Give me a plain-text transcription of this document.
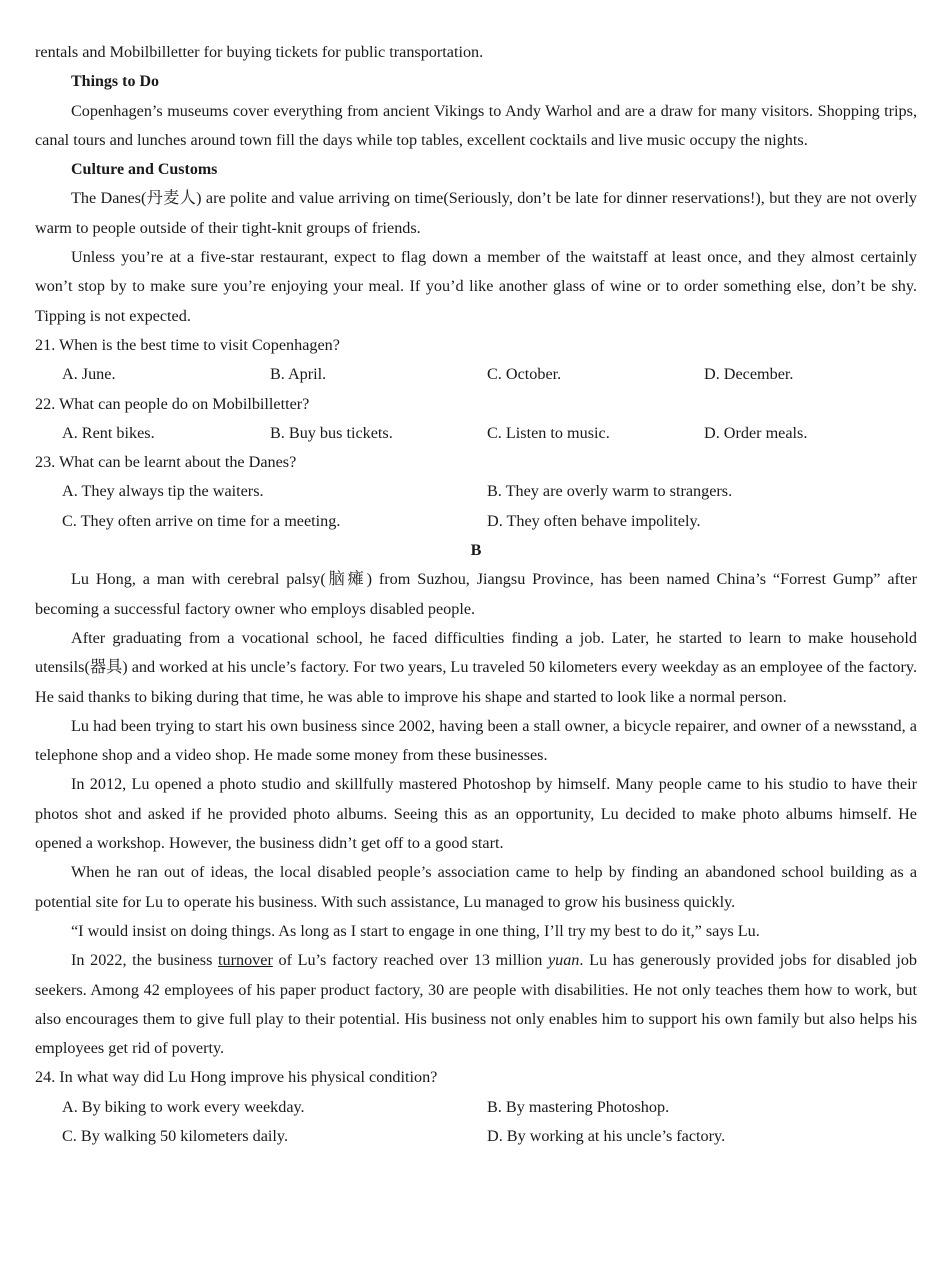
rentals and Mobilbilletter for buying tickets for public transportation.

Things to Do

Copenhagen’s museums cover everything from ancient Vikings to Andy Warhol and are a draw for many visitors. Shopping trips, canal tours and lunches around town fill the days while top tables, excellent cocktails and live music occupy the nights.

Culture and Customs

The Danes(丹麦人) are polite and value arriving on time(Seriously, don’t be late for dinner reservations!), but they are not overly warm to people outside of their tight-knit groups of friends.

Unless you’re at a five-star restaurant, expect to flag down a member of the waitstaff at least once, and they almost certainly won’t stop by to make sure you’re enjoying your meal. If you’d like another glass of wine or to order something else, don’t be shy. Tipping is not expected.

21. When is the best time to visit Copenhagen?

A. June.	B. April.	C. October.	D. December.

22. What can people do on Mobilbilletter?

A. Rent bikes.	B. Buy bus tickets.	C. Listen to music.	D. Order meals.

23. What can be learnt about the Danes?

A. They always tip the waiters.	B. They are overly warm to strangers.

C. They often arrive on time for a meeting.	D. They often behave impolitely.

B

Lu Hong, a man with cerebral palsy(脑瘫) from Suzhou, Jiangsu Province, has been named China’s “Forrest Gump” after becoming a successful factory owner who employs disabled people.

After graduating from a vocational school, he faced difficulties finding a job. Later, he started to learn to make household utensils(器具) and worked at his uncle’s factory. For two years, Lu traveled 50 kilometers every weekday as an employee of the factory. He said thanks to biking during that time, he was able to improve his shape and started to look like a normal person.

Lu had been trying to start his own business since 2002, having been a stall owner, a bicycle repairer, and owner of a newsstand, a telephone shop and a video shop. He made some money from these businesses.

In 2012, Lu opened a photo studio and skillfully mastered Photoshop by himself. Many people came to his studio to have their photos shot and asked if he provided photo albums. Seeing this as an opportunity, Lu decided to make photo albums himself. He opened a workshop. However, the business didn’t get off to a good start.

When he ran out of ideas, the local disabled people’s association came to help by finding an abandoned school building as a potential site for Lu to operate his business. With such assistance, Lu managed to grow his business quickly.

“I would insist on doing things. As long as I start to engage in one thing, I’ll try my best to do it,” says Lu.

In 2022, the business turnover of Lu’s factory reached over 13 million yuan. Lu has generously provided jobs for disabled job seekers. Among 42 employees of his paper product factory, 30 are people with disabilities. He not only teaches them how to work, but also encourages them to give full play to their potential. His business not only enables him to support his own family but also helps his employees get rid of poverty.

24. In what way did Lu Hong improve his physical condition?

A. By biking to work every weekday.	B. By mastering Photoshop.

C. By walking 50 kilometers daily.	D. By working at his uncle’s factory.
